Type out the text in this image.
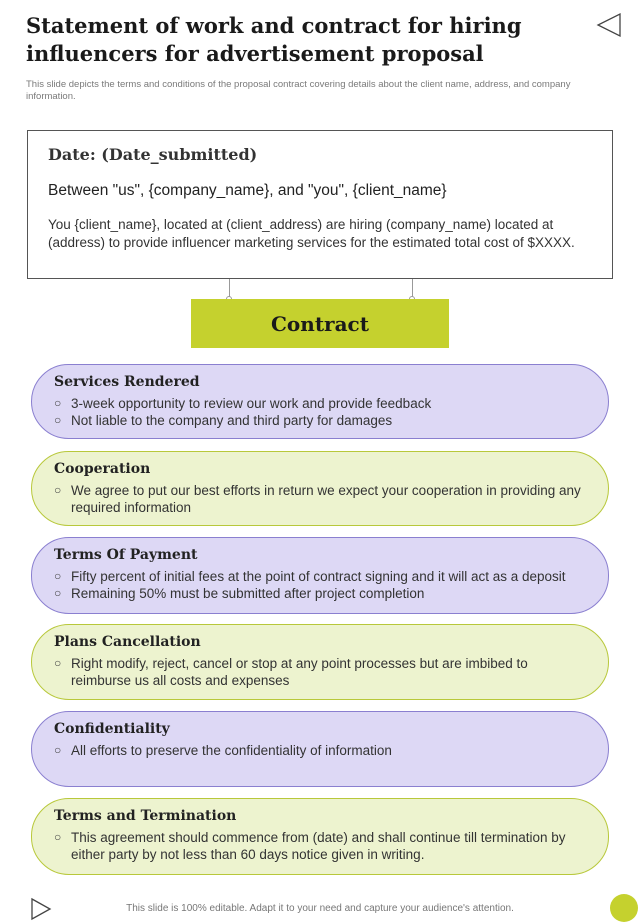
Statement of work and contract for hiring influencers for advertisement proposal
This slide depicts the terms and conditions of the proposal contract covering details about the client name, address, and company information.
Date: (Date_submitted)
Between "us", {company_name}, and "you", {client_name}
You {client_name}, located at (client_address) are hiring (company_name) located at (address) to provide influencer marketing services for the estimated total cost of $XXXX.
Contract
Services Rendered
○ 3-week opportunity to review our work and provide feedback
○ Not liable to the company and third party for damages
Cooperation
○ We agree to put our best efforts in return we expect your cooperation in providing any required information
Terms Of Payment
○ Fifty percent of initial fees at the point of contract signing and it will act as a deposit
○ Remaining 50% must be submitted after project completion
Plans Cancellation
○ Right modify, reject, cancel or stop at any point processes but are imbibed to reimburse us all costs and expenses
Confidentiality
○ All efforts to preserve the confidentiality of information
Terms and Termination
○ This agreement should commence from (date) and shall continue till termination by either party by not less than 60 days notice given in writing.
This slide is 100% editable. Adapt it to your need and capture your audience's attention.
